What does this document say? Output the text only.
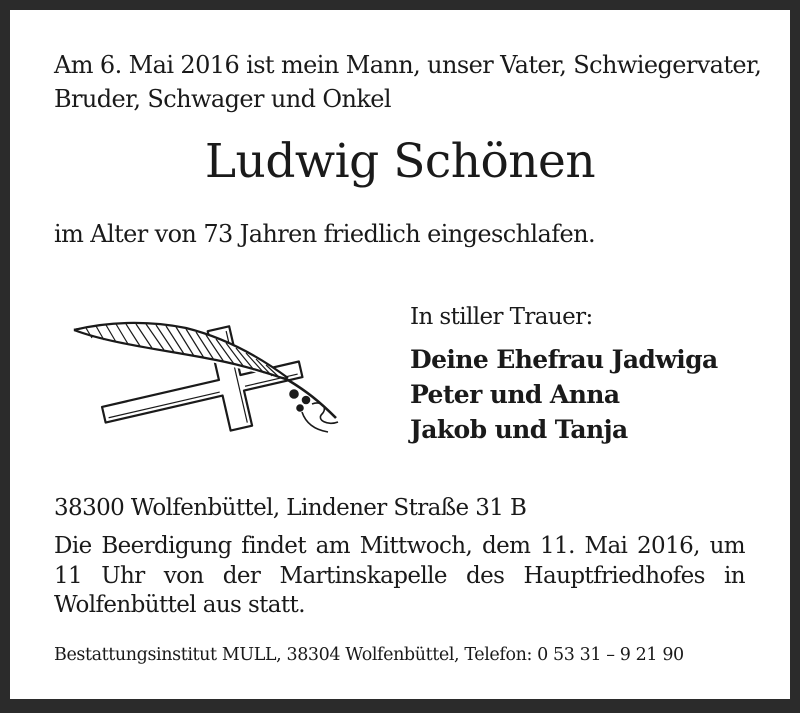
Am 6. Mai 2016 ist mein Mann, unser Vater, Schwiegervater,
Bruder, Schwager und Onkel
Ludwig Schönen
im Alter von 73 Jahren friedlich eingeschlafen.
In stiller Trauer:
Deine Ehefrau Jadwiga
Peter und Anna
Jakob und Tanja
38300 Wolfenbüttel, Lindener Straße 31 B
Die Beerdigung findet am Mittwoch, dem 11. Mai 2016, um 11 Uhr von der Martinskapelle des Hauptfriedhofes in Wolfenbüttel aus statt.
Bestattungsinstitut MULL, 38304 Wolfenbüttel, Telefon: 0 53 31 – 9 21 90
